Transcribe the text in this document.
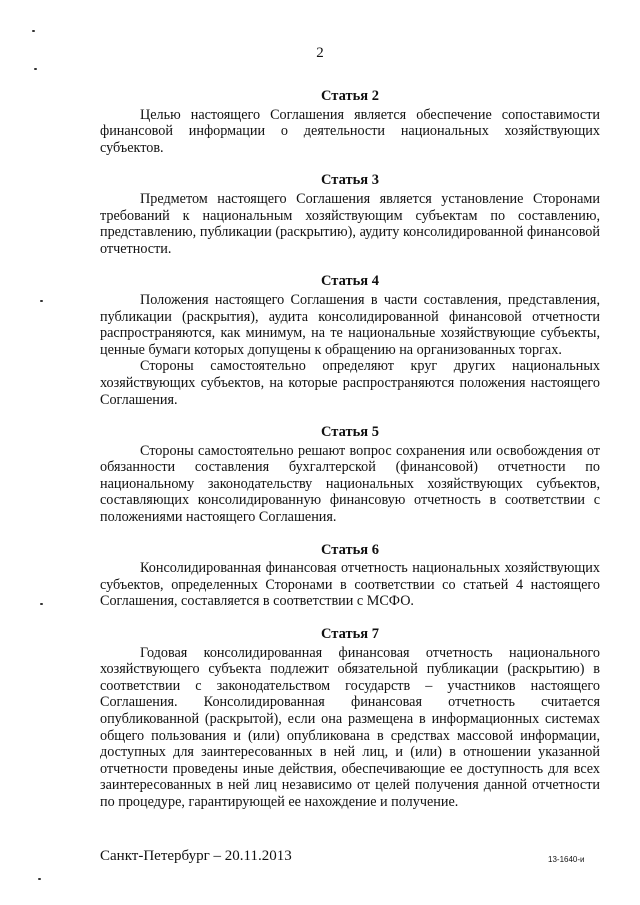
2
Статья 2

Целью настоящего Соглашения является обеспечение сопоставимости финансовой информации о деятельности национальных хозяйствующих субъектов.

Статья 3

Предметом настоящего Соглашения является установление Сторонами требований к национальным хозяйствующим субъектам по составлению, представлению, публикации (раскрытию), аудиту консолидированной финансовой отчетности.

Статья 4

Положения настоящего Соглашения в части составления, представления, публикации (раскрытия), аудита консолидированной финансовой отчетности распространяются, как минимум, на те национальные хозяйствующие субъекты, ценные бумаги которых допущены к обращению на организованных торгах.

Стороны самостоятельно определяют круг других национальных хозяйствующих субъектов, на которые распространяются положения настоящего Соглашения.

Статья 5

Стороны самостоятельно решают вопрос сохранения или освобождения от обязанности составления бухгалтерской (финансовой) отчетности по национальному законодательству национальных хозяйствующих субъектов, составляющих консолидированную финансовую отчетность в соответствии с положениями настоящего Соглашения.

Статья 6

Консолидированная финансовая отчетность национальных хозяйствующих субъектов, определенных Сторонами в соответствии со статьей 4 настоящего Соглашения, составляется в соответствии с МСФО.

Статья 7

Годовая консолидированная финансовая отчетность национального хозяйствующего субъекта подлежит обязательной публикации (раскрытию) в соответствии с законодательством государств – участников настоящего Соглашения. Консолидированная финансовая отчетность считается опубликованной (раскрытой), если она размещена в информационных системах общего пользования и (или) опубликована в средствах массовой информации, доступных для заинтересованных в ней лиц, и (или) в отношении указанной отчетности проведены иные действия, обеспечивающие ее доступность для всех заинтересованных в ней лиц независимо от целей получения данной отчетности по процедуре, гарантирующей ее нахождение и получение.

Санкт-Петербург – 20.11.2013	13-1640-и
